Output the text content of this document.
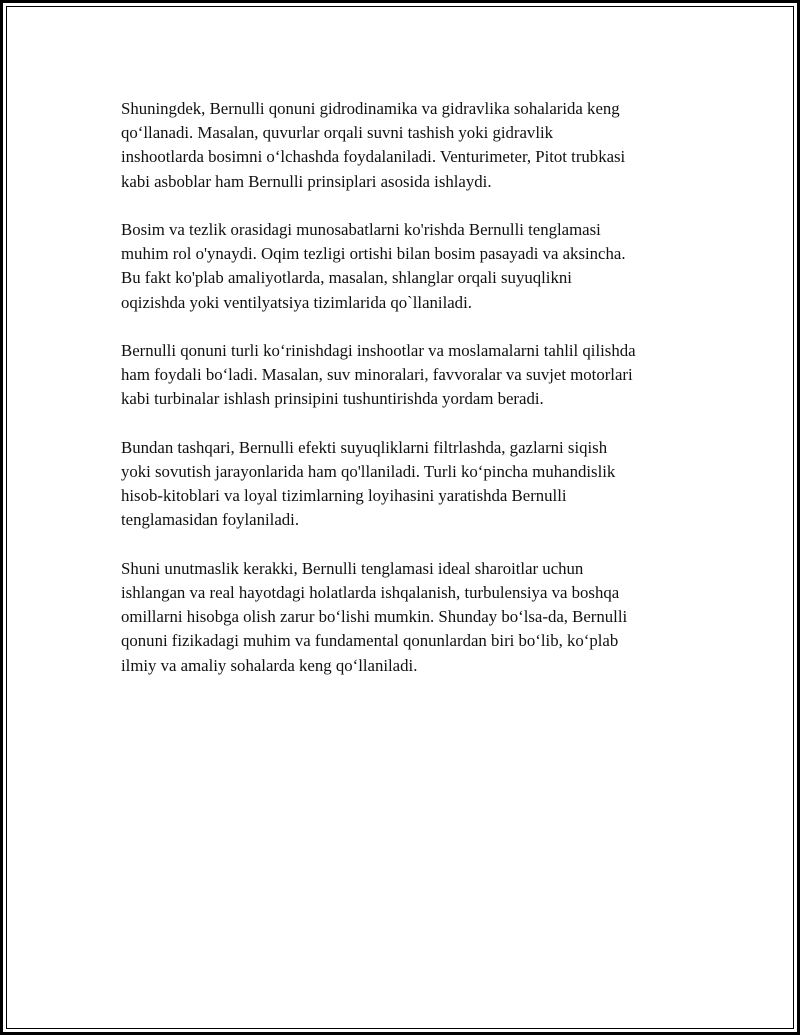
Shuningdek, Bernulli qonuni gidrodinamika va gidravlika sohalarida keng
qo‘llanadi. Masalan, quvurlar orqali suvni tashish yoki gidravlik
inshootlarda bosimni o‘lchashda foydalaniladi. Venturimeter, Pitot trubkasi
kabi asboblar ham Bernulli prinsiplari asosida ishlaydi.

Bosim va tezlik orasidagi munosabatlarni ko'rishda Bernulli tenglamasi
muhim rol o'ynaydi. Oqim tezligi ortishi bilan bosim pasayadi va aksincha.
Bu fakt ko'plab amaliyotlarda, masalan, shlanglar orqali suyuqlikni
oqizishda yoki ventilyatsiya tizimlarida qo`llaniladi.

Bernulli qonuni turli ko‘rinishdagi inshootlar va moslamalarni tahlil qilishda
ham foydali bo‘ladi. Masalan, suv minoralari, favvoralar va suvjet motorlari
kabi turbinalar ishlash prinsipini tushuntirishda yordam beradi.

Bundan tashqari, Bernulli efekti suyuqliklarni filtrlashda, gazlarni siqish
yoki sovutish jarayonlarida ham qo'llaniladi. Turli ko‘pincha muhandislik
hisob-kitoblari va loyal tizimlarning loyihasini yaratishda Bernulli
tenglamasidan foylaniladi.

Shuni unutmaslik kerakki, Bernulli tenglamasi ideal sharoitlar uchun
ishlangan va real hayotdagi holatlarda ishqalanish, turbulensiya va boshqa
omillarni hisobga olish zarur bo‘lishi mumkin. Shunday bo‘lsa-da, Bernulli
qonuni fizikadagi muhim va fundamental qonunlardan biri bo‘lib, ko‘plab
ilmiy va amaliy sohalarda keng qo‘llaniladi.
